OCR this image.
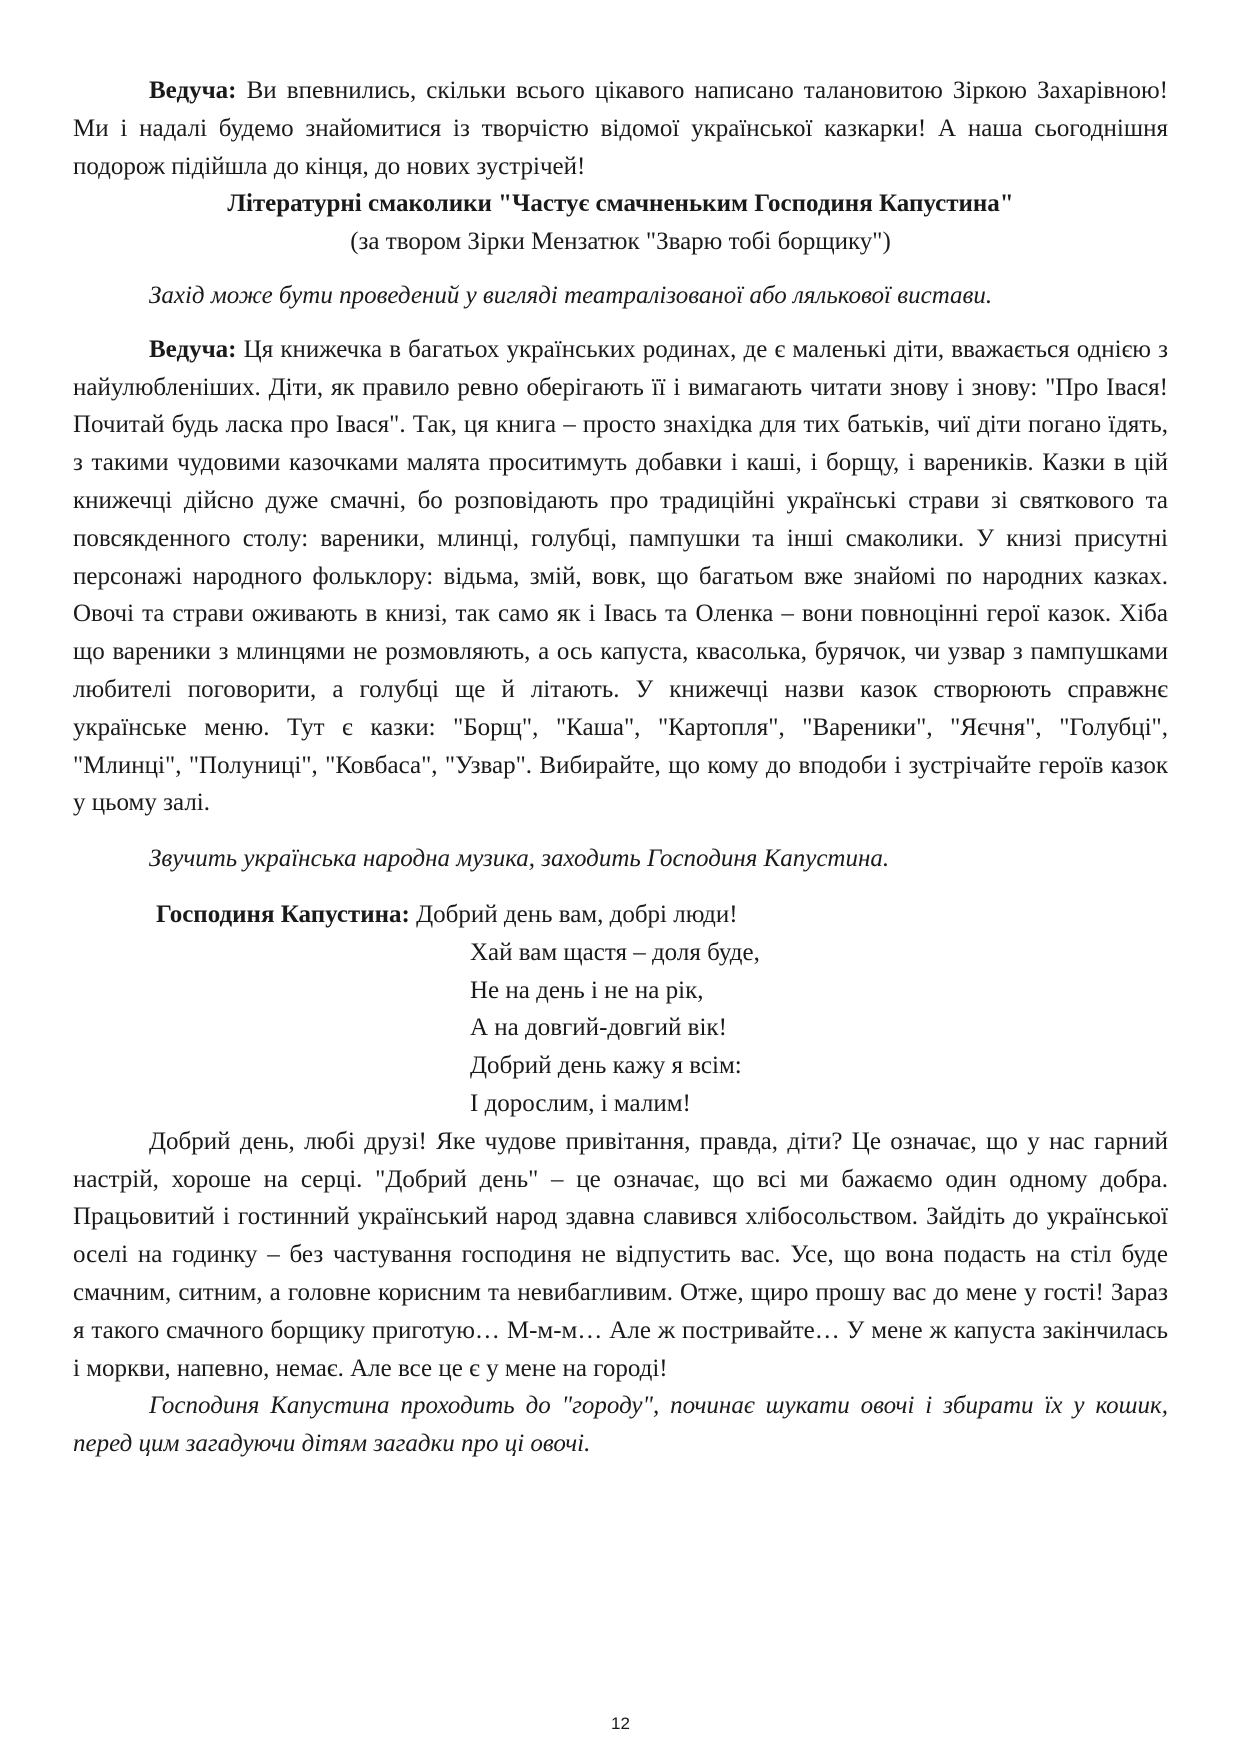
Ведуча: Ви впевнились, скільки всього цікавого написано талановитою Зіркою Захарівною! Ми і надалі будемо знайомитися із творчістю відомої української казкарки! А наша сьогоднішня подорож підійшла до кінця, до нових зустрічей!

Літературні смаколики "Частує смачненьким Господиня Капустина"

(за твором Зірки Мензатюк "Зварю тобі борщику")

Захід може бути проведений у вигляді театралізованої або лялькової вистави.

Ведуча: Ця книжечка в багатьох українських родинах, де є маленькі діти, вважається однією з найулюбленіших. Діти, як правило ревно оберігають її і вимагають читати знову і знову: "Про Івася! Почитай будь ласка про Івася". Так, ця книга – просто знахідка для тих батьків, чиї діти погано їдять, з такими чудовими казочками малята проситимуть добавки і каші, і борщу, і вареників. Казки в цій книжечці дійсно дуже смачні, бо розповідають про традиційні українські страви зі святкового та повсякденного столу: вареники, млинці, голубці, пампушки та інші смаколики. У книзі присутні персонажі народного фольклору: відьма, змій, вовк, що багатьом вже знайомі по народних казках. Овочі та страви оживають в книзі, так само як і Івась та Оленка – вони повноцінні герої казок. Хіба що вареники з млинцями не розмовляють, а ось капуста, квасолька, бурячок, чи узвар з пампушками любителі поговорити, а голубці ще й літають. У книжечці назви казок створюють справжнє українське меню. Тут є казки: "Борщ", "Каша", "Картопля", "Вареники", "Яєчня", "Голубці", "Млинці", "Полуниці", "Ковбаса", "Узвар". Вибирайте, що кому до вподоби і зустрічайте героїв казок у цьому залі.

Звучить українська народна музика, заходить Господиня Капустина.

Господиня Капустина: Добрий день вам, добрі люди!

Хай вам щастя – доля буде,

Не на день і не на рік,

А на довгий-довгий вік!

Добрий день кажу я всім:

І дорослим, і малим!

Добрий день, любі друзі! Яке чудове привітання, правда, діти? Це означає, що у нас гарний настрій, хороше на серці. "Добрий день" – це означає, що всі ми бажаємо один одному добра. Працьовитий і гостинний український народ здавна славився хлібосольством. Зайдіть до української оселі на годинку – без частування господиня не відпустить вас. Усе, що вона подасть на стіл буде смачним, ситним, а головне корисним та невибагливим. Отже, щиро прошу вас до мене у гості! Зараз я такого смачного борщику приготую… М-м-м… Але ж постривайте… У мене ж капуста закінчилась і моркви, напевно, немає. Але все це є у мене на городі!

Господиня Капустина проходить до "городу", починає шукати овочі і збирати їх у кошик, перед цим загадуючи дітям загадки про ці овочі.

12
